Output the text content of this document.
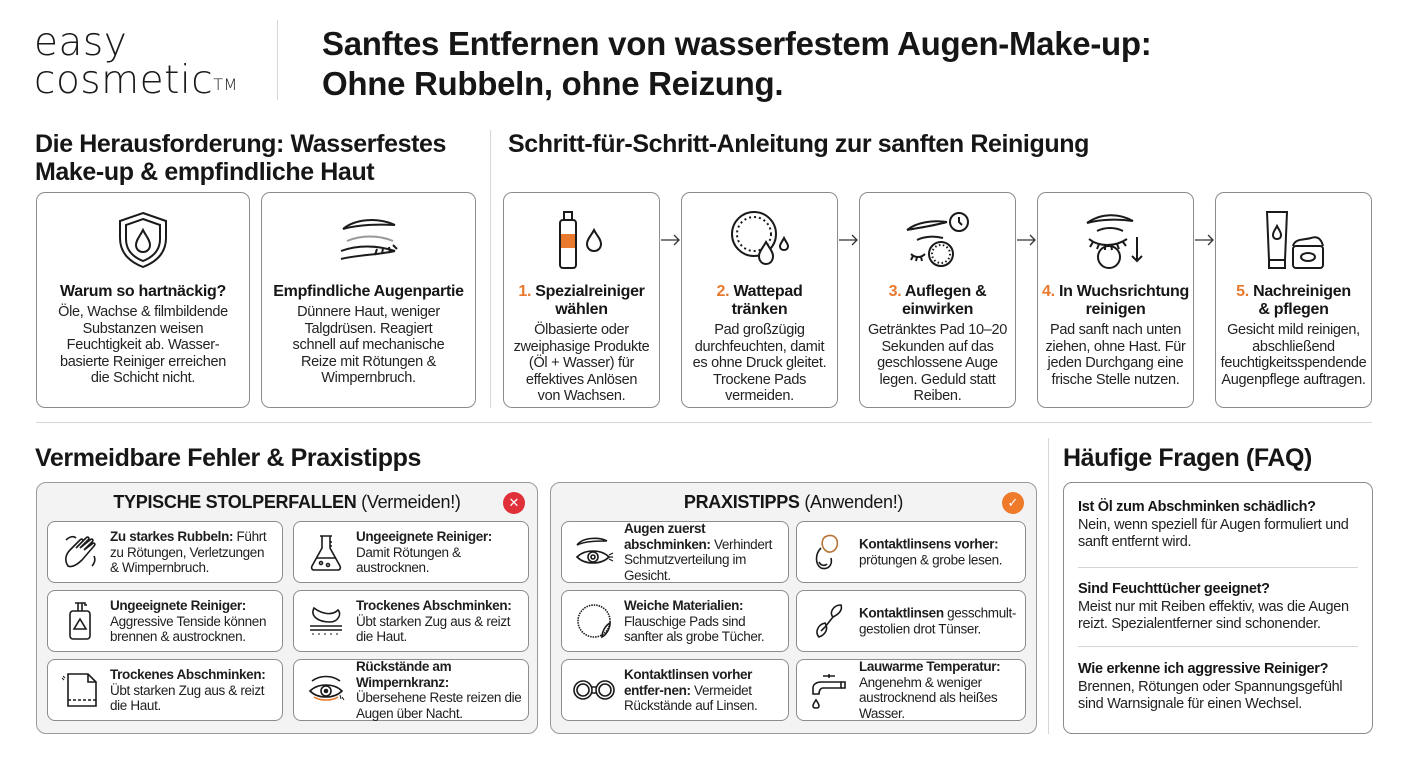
easy
cosmetic™
Sanftes Entfernen von wasserfestem Augen-Make-up:
Ohne Rubbeln, ohne Reizung.
Die Herausforderung: Wasserfestes
Make-up & empfindliche Haut
Warum so hartnäckig?
Öle, Wachse & filmbildende
Substanzen weisen
Feuchtigkeit ab. Wasser-
basierte Reiniger erreichen
die Schicht nicht.
Empfindliche Augenpartie
Dünnere Haut, weniger
Talgdrüsen. Reagiert
schnell auf mechanische
Reize mit Rötungen &
Wimpernbruch.
Schritt-für-Schritt-Anleitung zur sanften Reinigung
1. Spezialreiniger
wählen
Ölbasierte oder
zweiphasige Produkte
(Öl + Wasser) für
effektives Anlösen
von Wachsen.
2. Wattepad
tränken
Pad großzügig
durchfeuchten, damit
es ohne Druck gleitet.
Trockene Pads
vermeiden.
3. Auflegen &
einwirken
Getränktes Pad 10–20
Sekunden auf das
geschlossene Auge
legen. Geduld statt
Reiben.
4. In Wuchsrichtung
reinigen
Pad sanft nach unten
ziehen, ohne Hast. Für
jeden Durchgang eine
frische Stelle nutzen.
5. Nachreinigen
& pflegen
Gesicht mild reinigen,
abschließend
feuchtigkeitsspendende
Augenpflege auftragen.
Vermeidbare Fehler & Praxistipps
TYPISCHE STOLPERFALLEN (Vermeiden!)	✕
Zu starkes Rubbeln: Führt zu Rötungen, Verletzungen & Wimpernbruch.
Ungeeignete Reiniger: Damit Rötungen & austrocknen.
Ungeeignete Reiniger: Aggressive Tenside können brennen & austrocknen.
Trockenes Abschminken: Übt starken Zug aus & reizt die Haut.
Trockenes Abschminken: Übt starken Zug aus & reizt die Haut.
Rückstände am Wimpernkranz: Übersehene Reste reizen die Augen über Nacht.
PRAXISTIPPS (Anwenden!)	✓
Augen zuerst abschminken: Verhindert Schmutzverteilung im Gesicht.
Kontaktlinsens vorher: prötungen & grobe lesen.
Weiche Materialien: Flauschige Pads sind sanfter als grobe Tücher.
Kontaktlinsen gesschmult-gestolien drot Tünser.
Kontaktlinsen vorher entfer-nen: Vermeidet Rückstände auf Linsen.
Lauwarme Temperatur: Angenehm & weniger austrocknend als heißes Wasser.
Häufige Fragen (FAQ)
Ist Öl zum Abschminken schädlich?
Nein, wenn speziell für Augen formuliert und sanft entfernt wird.
Sind Feuchttücher geeignet?
Meist nur mit Reiben effektiv, was die Augen reizt. Spezialentferner sind schonender.
Wie erkenne ich aggressive Reiniger?
Brennen, Rötungen oder Spannungsgefühl sind Warnsignale für einen Wechsel.
